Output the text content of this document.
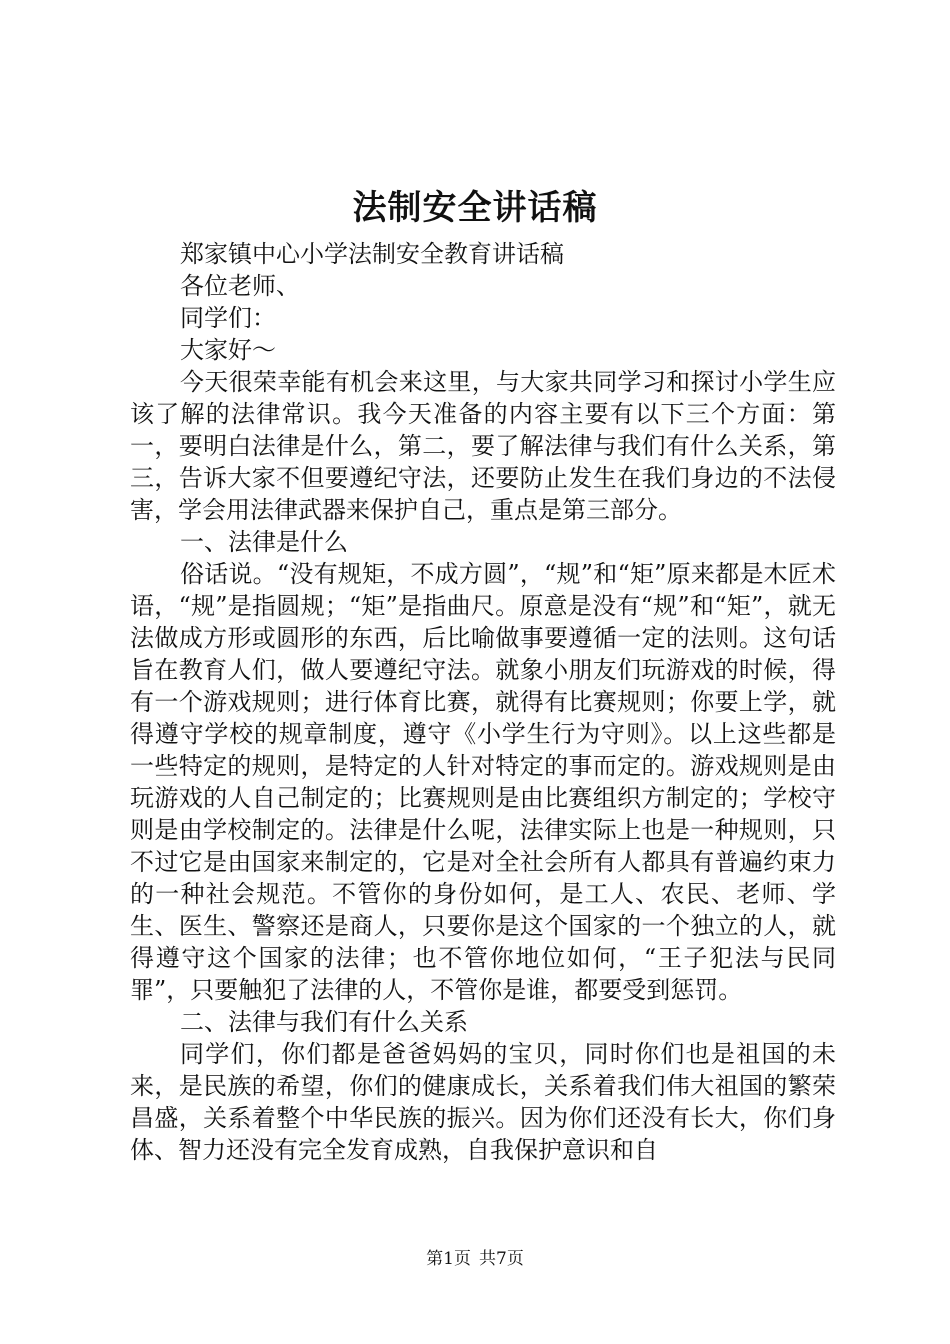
法制安全讲话稿

郑家镇中心小学法制安全教育讲话稿

各位老师、

同学们：

大家好～

今天很荣幸能有机会来这里，与大家共同学习和探讨小学生应该了解的法律常识。我今天准备的内容主要有以下三个方面：第一，要明白法律是什么，第二，要了解法律与我们有什么关系，第三，告诉大家不但要遵纪守法，还要防止发生在我们身边的不法侵害，学会用法律武器来保护自己，重点是第三部分。

一、法律是什么

俗话说。“没有规矩，不成方圆”，“规”和“矩”原来都是木匠术语，“规”是指圆规；“矩”是指曲尺。原意是没有“规”和“矩”，就无法做成方形或圆形的东西，后比喻做事要遵循一定的法则。这句话旨在教育人们，做人要遵纪守法。就象小朋友们玩游戏的时候，得有一个游戏规则；进行体育比赛，就得有比赛规则；你要上学，就得遵守学校的规章制度，遵守《小学生行为守则》。以上这些都是一些特定的规则，是特定的人针对特定的事而定的。游戏规则是由玩游戏的人自己制定的；比赛规则是由比赛组织方制定的；学校守则是由学校制定的。法律是什么呢，法律实际上也是一种规则，只不过它是由国家来制定的，它是对全社会所有人都具有普遍约束力的一种社会规范。不管你的身份如何，是工人、农民、老师、学生、医生、警察还是商人，只要你是这个国家的一个独立的人，就得遵守这个国家的法律；也不管你地位如何，“王子犯法与民同罪”，只要触犯了法律的人，不管你是谁，都要受到惩罚。

二、法律与我们有什么关系

同学们，你们都是爸爸妈妈的宝贝，同时你们也是祖国的未来，是民族的希望，你们的健康成长，关系着我们伟大祖国的繁荣昌盛，关系着整个中华民族的振兴。因为你们还没有长大，你们身体、智力还没有完全发育成熟，自我保护意识和自

第1页 共7页
